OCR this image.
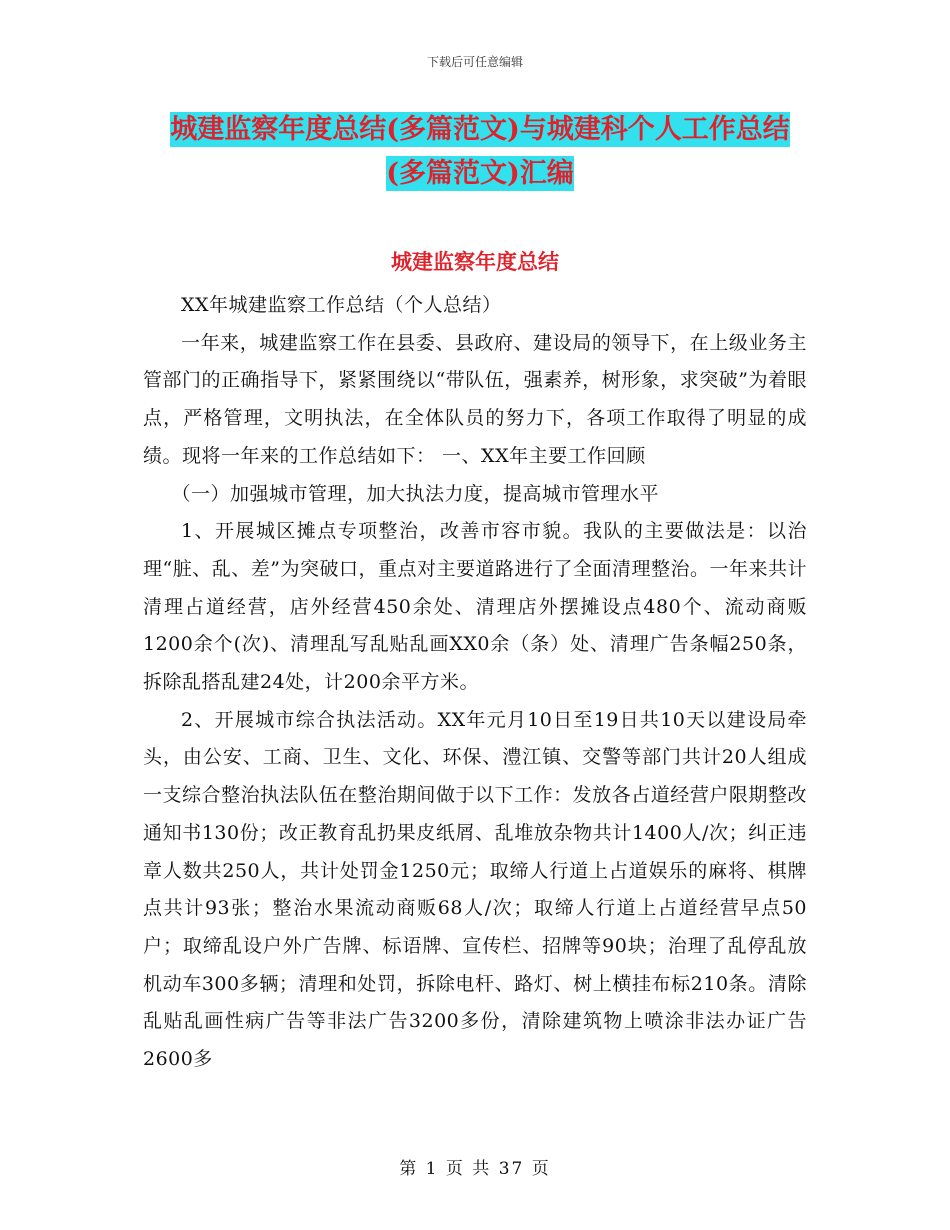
下载后可任意编辑
城建监察年度总结(多篇范文)与城建科个人工作总结
(多篇范文)汇编
城建监察年度总结

XX年城建监察工作总结（个人总结）

一年来，城建监察工作在县委、县政府、建设局的领导下，在上级业务主管部门的正确指导下，紧紧围绕以“带队伍，强素养，树形象，求突破”为着眼点，严格管理，文明执法，在全体队员的努力下，各项工作取得了明显的成绩。现将一年来的工作总结如下： 一、XX年主要工作回顾

（一）加强城市管理，加大执法力度，提高城市管理水平

1、开展城区摊点专项整治，改善市容市貌。我队的主要做法是：以治理“脏、乱、差”为突破口，重点对主要道路进行了全面清理整治。一年来共计清理占道经营，店外经营450余处、清理店外摆摊设点480个、流动商贩1200余个(次)、清理乱写乱贴乱画XX0余（条）处、清理广告条幅250条，拆除乱搭乱建24处，计200余平方米。

2、开展城市综合执法活动。XX年元月10日至19日共10天以建设局牵头，由公安、工商、卫生、文化、环保、澧江镇、交警等部门共计20人组成一支综合整治执法队伍在整治期间做于以下工作：发放各占道经营户限期整改通知书130份；改正教育乱扔果皮纸屑、乱堆放杂物共计1400人/次；纠正违章人数共250人，共计处罚金1250元；取缔人行道上占道娱乐的麻将、棋牌点共计93张；整治水果流动商贩68人/次；取缔人行道上占道经营早点50户；取缔乱设户外广告牌、标语牌、宣传栏、招牌等90块；治理了乱停乱放机动车300多辆；清理和处罚，拆除电杆、路灯、树上横挂布标210条。清除乱贴乱画性病广告等非法广告3200多份，清除建筑物上喷涂非法办证广告2600多

第 1 页 共 37 页
